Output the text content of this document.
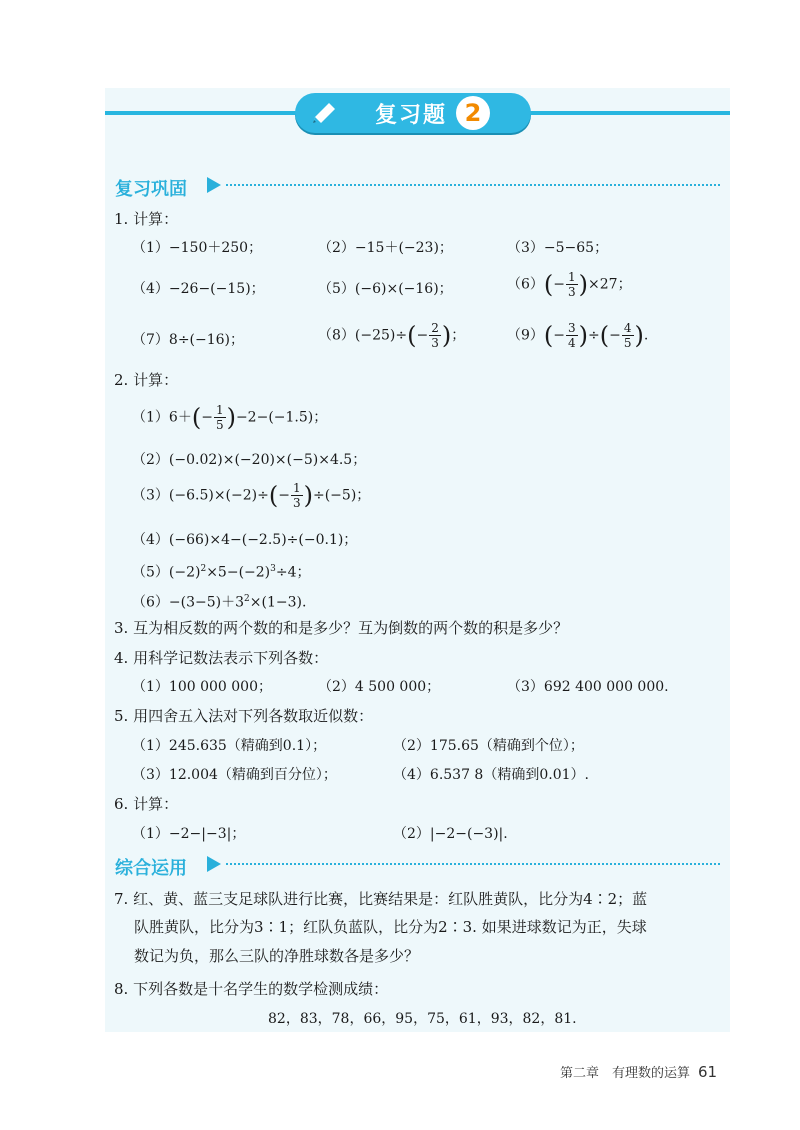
复习题 2
复习巩固
1. 计算：
（1）−150＋250；	（2）−15＋(−23)；	（3）−5−65；
（4）−26−(−15)；	（5）(−6)×(−16)；	$(6)(- \frac{1}{3} )\times 27$；
（7）8÷(−16)；	$(8)(-25)\div(- \frac{2}{3}$ )；	$(9)(- \frac{3}{4}$ )÷(− $\frac{4}{5}$ ).
2. 计算：
$(1)6+(- \frac{1}{5} )-2-(-1.5)$；
（2）(−0.02)×(−20)×(−5)×4.5；
$(3)(-6.5)\times(-2)\div(- \frac{1}{3} )\div(-5)$；
（4）(−66)×4−(−2.5)÷(−0.1)；
$(5)(-2)^2\times 5-(-2)^3\div 4$；
$(6)-(3-5)+3^2\times(1-3)$.
3. 互为相反数的两个数的和是多少？互为倒数的两个数的积是多少？
4. 用科学记数法表示下列各数：
（1）100 000 000；	（2）4 500 000；	（3）692 400 000 000.
5. 用四舍五入法对下列各数取近似数：
（1）245.635（精确到0.1）；	（2）175.65（精确到个位）；
（3）12.004（精确到百分位）；	（4）6.537 8（精确到0.01）.
6. 计算：
（1）−2−|−3|；	（2）|−2−(−3)|.
综合运用
7. 红、黄、蓝三支足球队进行比赛，比赛结果是：红队胜黄队，比分为4∶2；蓝
队胜黄队，比分为3∶1；红队负蓝队，比分为2∶3. 如果进球数记为正，失球
数记为负，那么三队的净胜球数各是多少？
8. 下列各数是十名学生的数学检测成绩：
82，83，78，66，95，75，61，93，82，81.
第二章　有理数的运算 61
